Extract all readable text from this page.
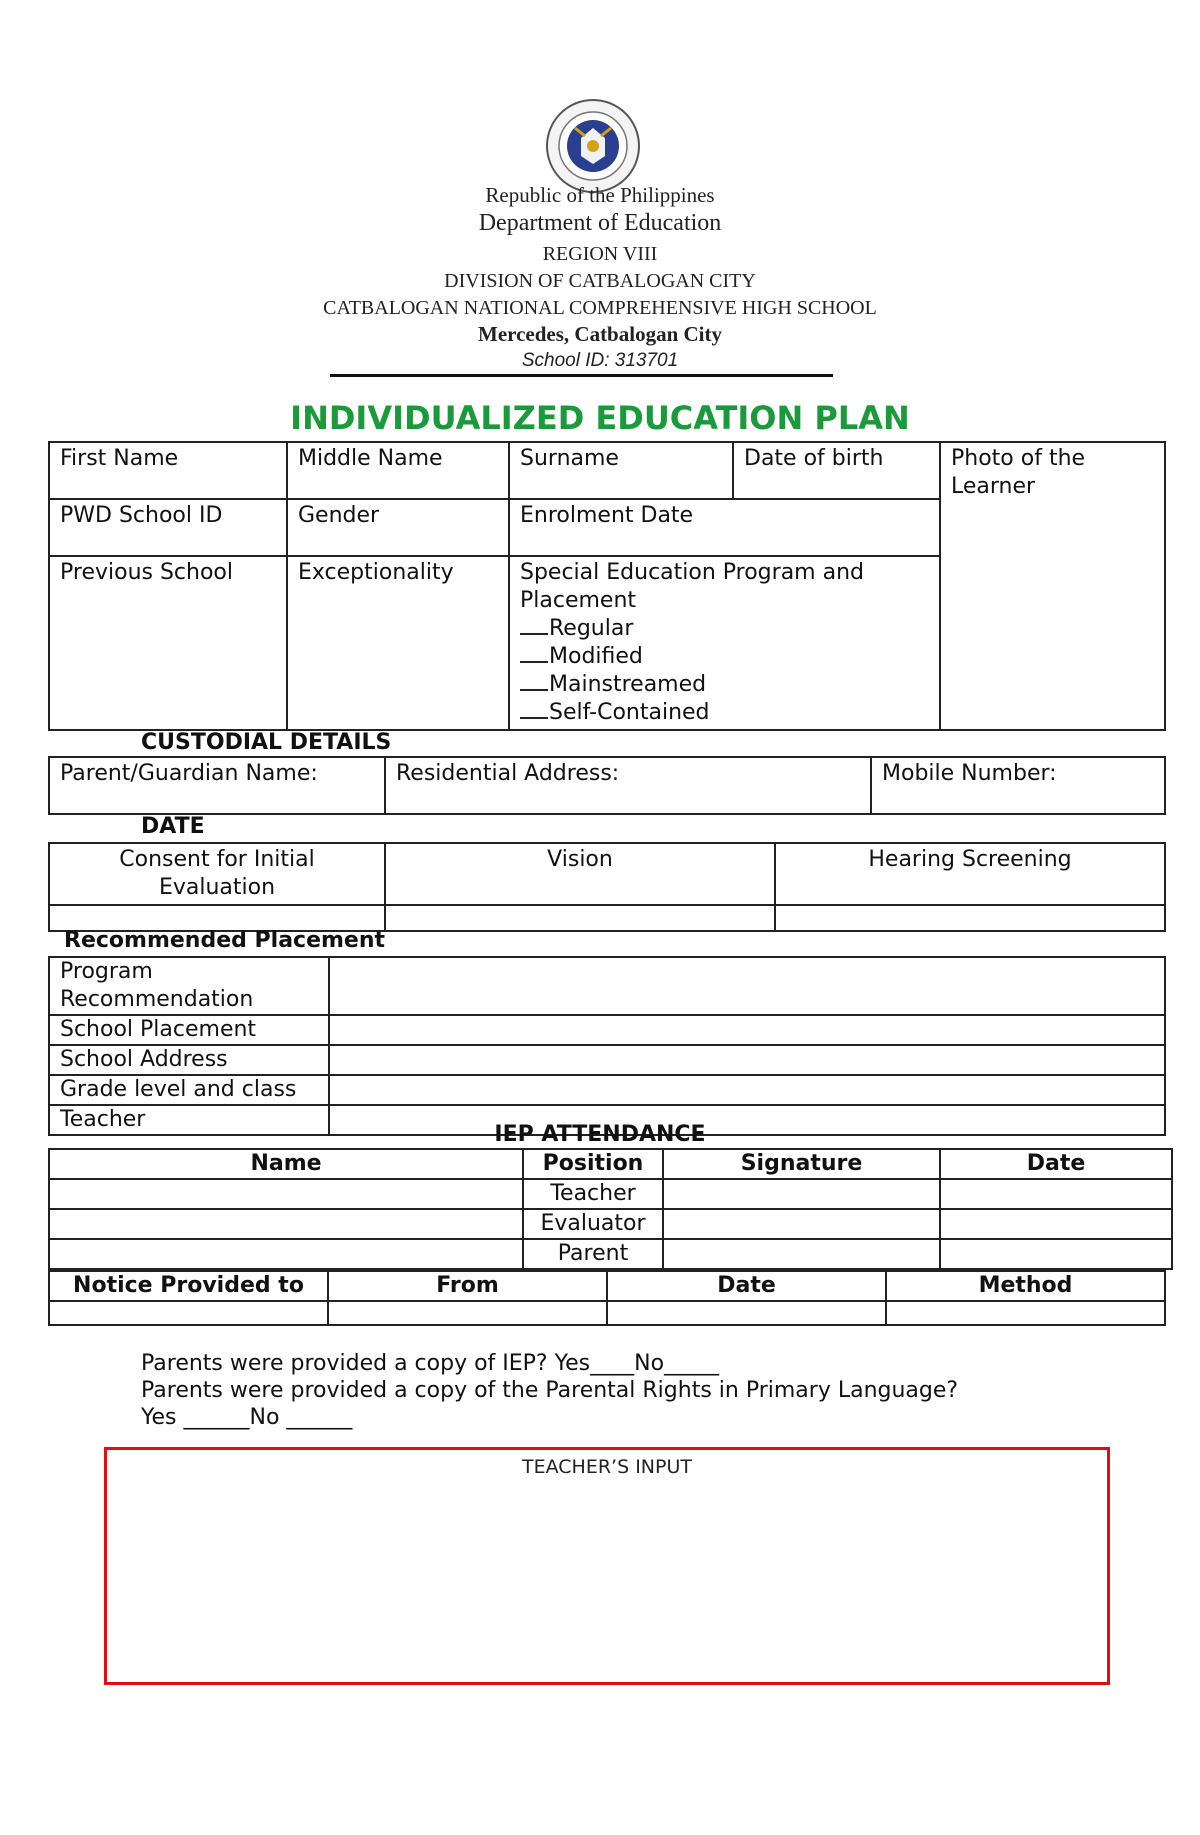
Republic of the Philippines
Department of Education
REGION VIII
DIVISION OF CATBALOGAN CITY
CATBALOGAN NATIONAL COMPREHENSIVE HIGH SCHOOL
Mercedes, Catbalogan City
School ID: 313701
INDIVIDUALIZED EDUCATION PLAN
First Name	Middle Name	Surname	Date of birth	Photo of the Learner
PWD School ID	Gender	Enrolment Date		
Previous School	Exceptionality	Special Education Program and Placement
Regular
Modified
Mainstreamed
Self-Contained		
CUSTODIAL DETAILS
Parent/Guardian Name:	Residential Address:	Mobile Number:
DATE
Consent for Initial Evaluation	Vision	Hearing Screening

Recommended Placement
Program Recommendation	
School Placement	
School Address	
Grade level and class	
Teacher	
IEP ATTENDANCE
Name	Position	Signature	Date
	Teacher		
	Evaluator		
	Parent		
Notice Provided to	From	Date	Method

Parents were provided a copy of IEP? Yes____No_____
Parents were provided a copy of the Parental Rights in Primary Language?
Yes ______No ______
TEACHER’S INPUT
